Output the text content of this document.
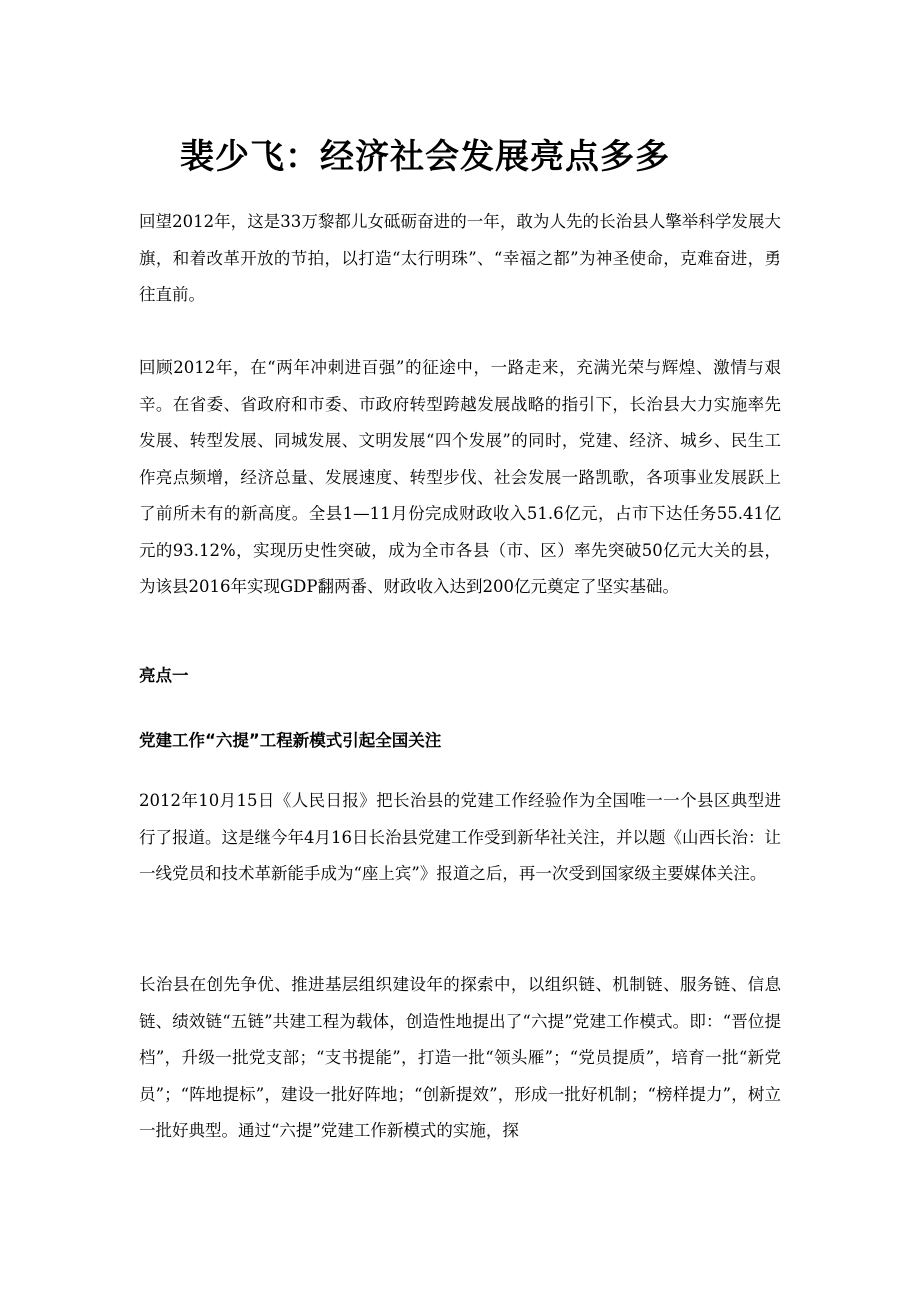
裴少飞：经济社会发展亮点多多

回望2012年，这是33万黎都儿女砥砺奋进的一年，敢为人先的长治县人擎举科学发展大旗，和着改革开放的节拍，以打造“太行明珠”、“幸福之都”为神圣使命，克难奋进，勇往直前。

回顾2012年，在“两年冲刺进百强”的征途中，一路走来，充满光荣与辉煌、激情与艰辛。在省委、省政府和市委、市政府转型跨越发展战略的指引下，长治县大力实施率先发展、转型发展、同城发展、文明发展“四个发展”的同时，党建、经济、城乡、民生工作亮点频增，经济总量、发展速度、转型步伐、社会发展一路凯歌，各项事业发展跃上了前所未有的新高度。全县1—11月份完成财政收入51.6亿元，占市下达任务55.41亿元的93.12%，实现历史性突破，成为全市各县（市、区）率先突破50亿元大关的县，为该县2016年实现GDP翻两番、财政收入达到200亿元奠定了坚实基础。

亮点一
党建工作“六提”工程新模式引起全国关注

2012年10月15日《人民日报》把长治县的党建工作经验作为全国唯一一个县区典型进行了报道。这是继今年4月16日长治县党建工作受到新华社关注，并以题《山西长治：让一线党员和技术革新能手成为“座上宾”》报道之后，再一次受到国家级主要媒体关注。

长治县在创先争优、推进基层组织建设年的探索中，以组织链、机制链、服务链、信息链、绩效链“五链”共建工程为载体，创造性地提出了“六提”党建工作模式。即：“晋位提档”，升级一批党支部；“支书提能”，打造一批“领头雁”；“党员提质”，培育一批“新党员”；“阵地提标”，建设一批好阵地；“创新提效”，形成一批好机制；“榜样提力”，树立一批好典型。通过“六提”党建工作新模式的实施，探
